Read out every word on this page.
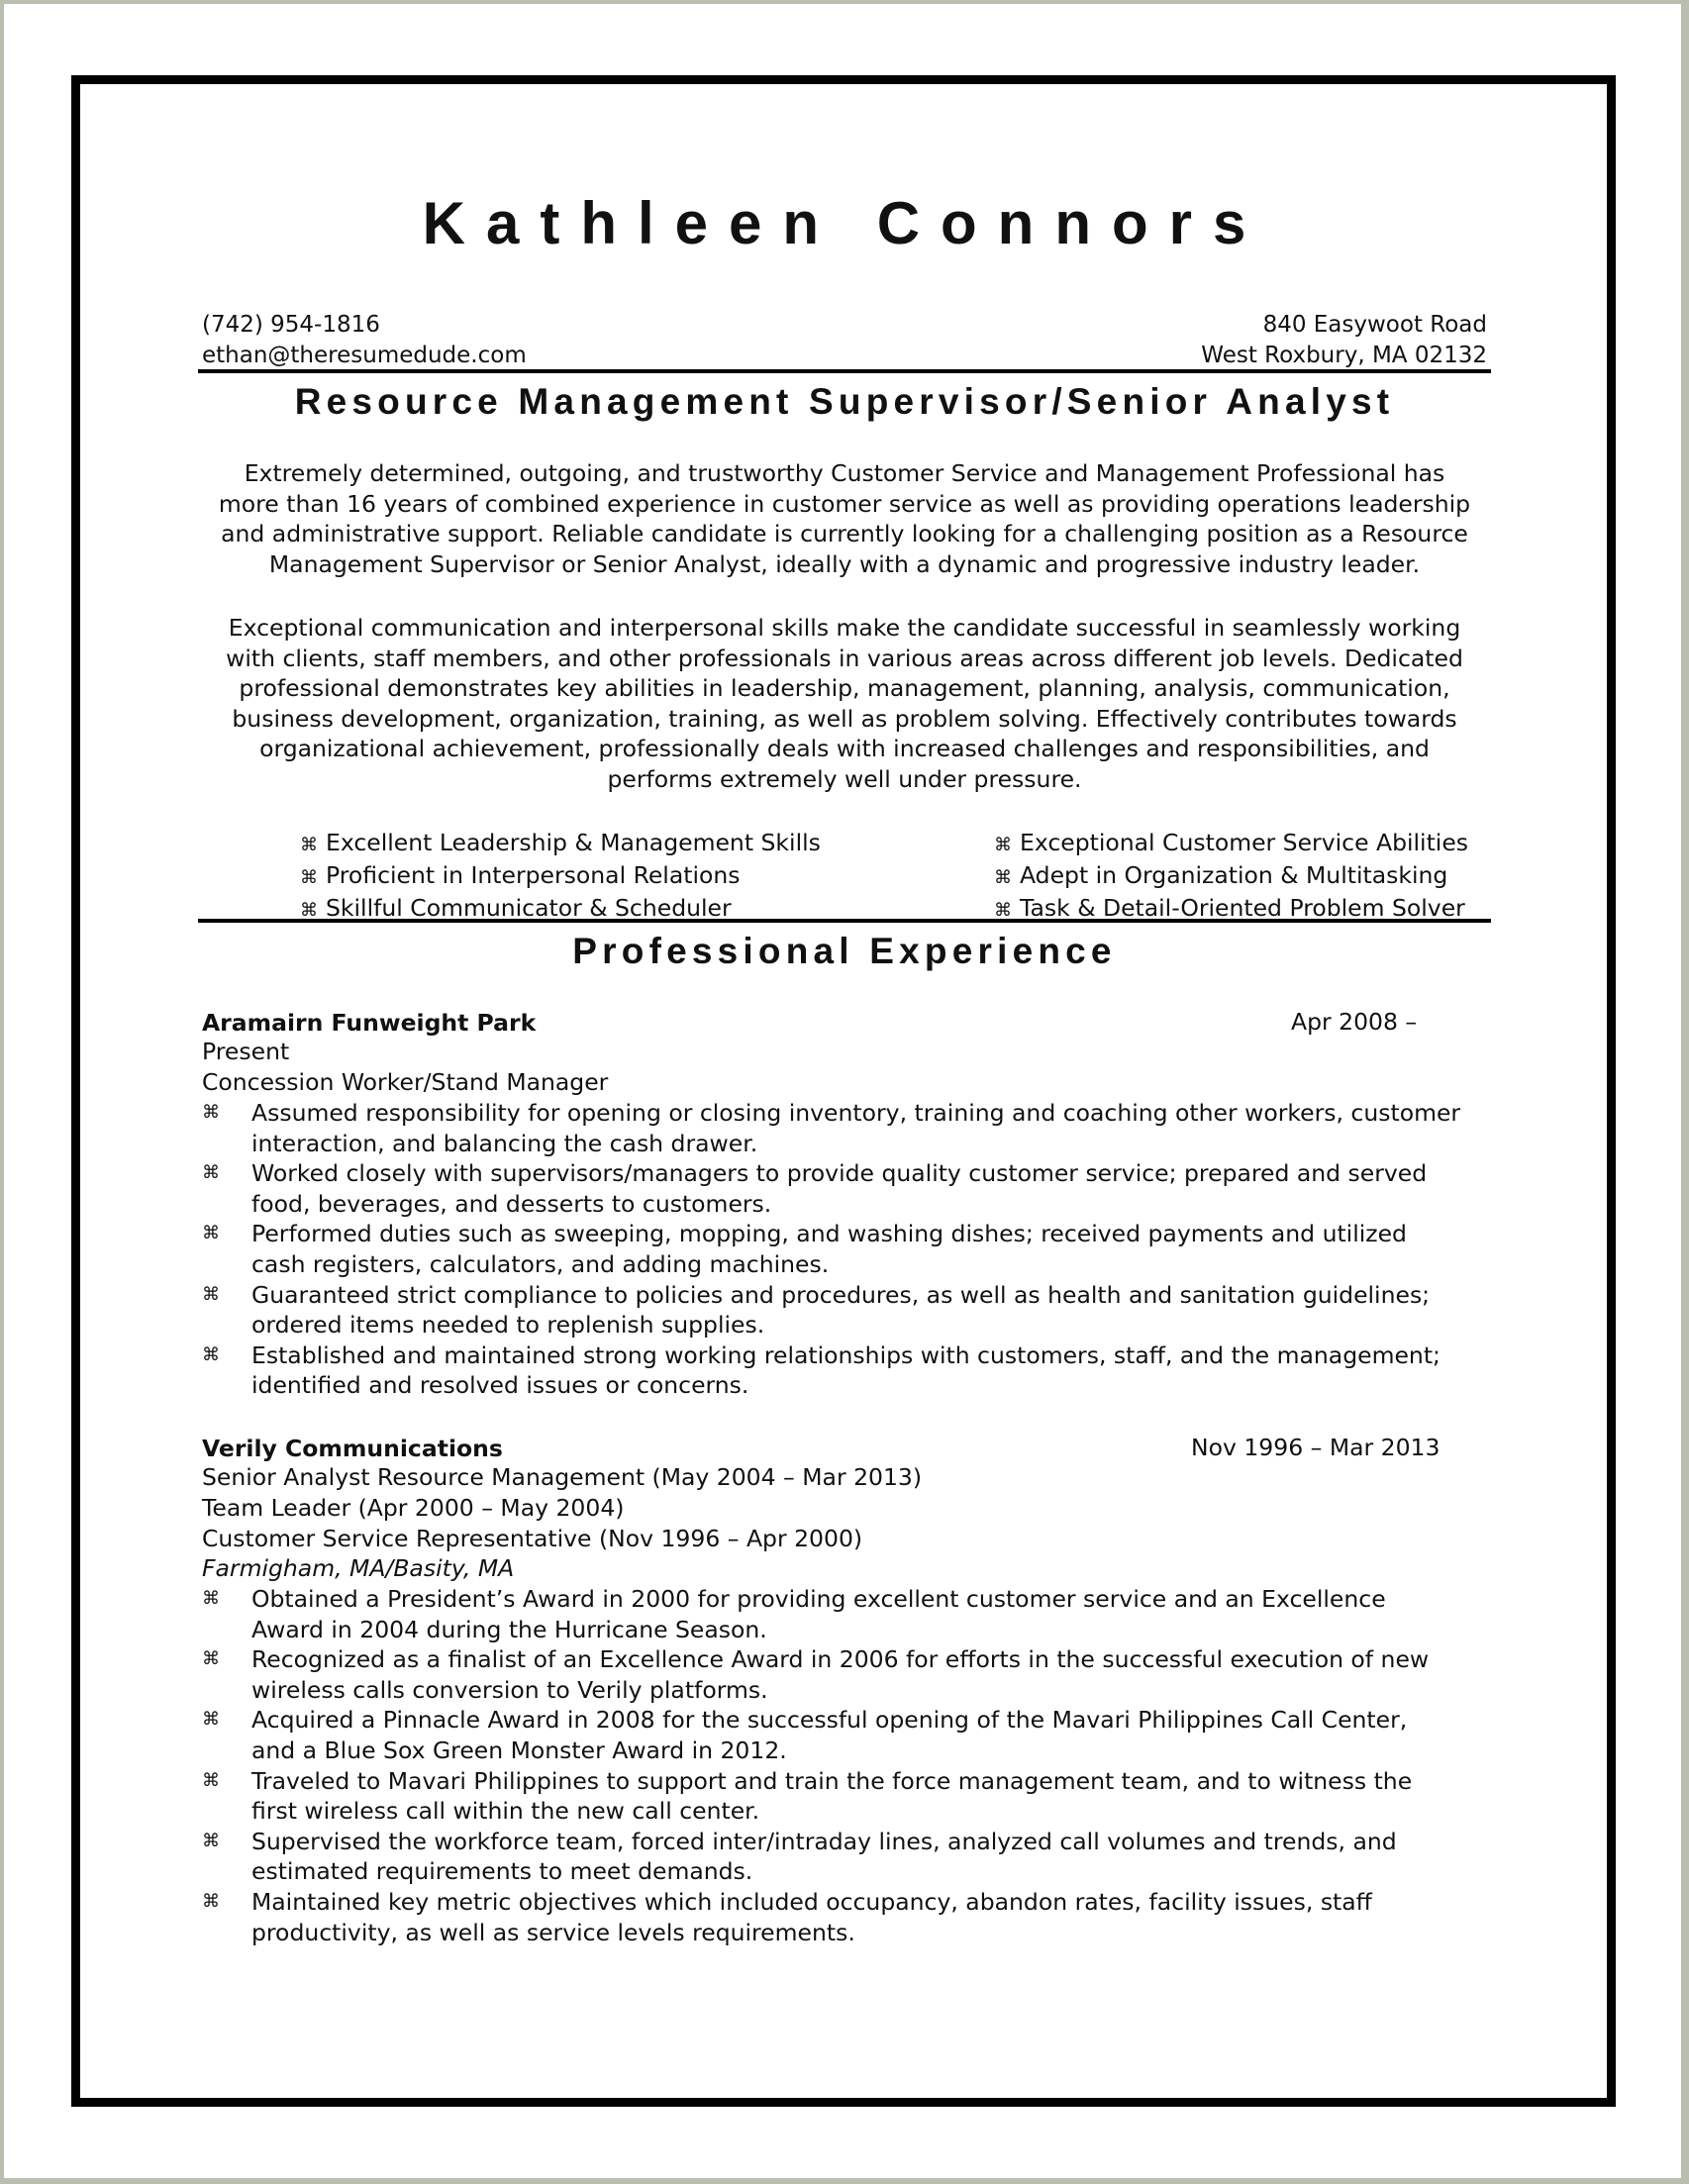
Kathleen Connors
(742) 954-1816
ethan@theresumedude.com
840 Easywoot Road
West Roxbury, MA 02132
Resource Management Supervisor/Senior Analyst

Extremely determined, outgoing, and trustworthy Customer Service and Management Professional has

more than 16 years of combined experience in customer service as well as providing operations leadership

and administrative support. Reliable candidate is currently looking for a challenging position as a Resource

Management Supervisor or Senior Analyst, ideally with a dynamic and progressive industry leader.

Exceptional communication and interpersonal skills make the candidate successful in seamlessly working

with clients, staff members, and other professionals in various areas across different job levels. Dedicated

professional demonstrates key abilities in leadership, management, planning, analysis, communication,

business development, organization, training, as well as problem solving. Effectively contributes towards

organizational achievement, professionally deals with increased challenges and responsibilities, and

performs extremely well under pressure.

⌘ Excellent Leadership & Management Skills
⌘ Proficient in Interpersonal Relations
⌘ Skillful Communicator & Scheduler
⌘ Exceptional Customer Service Abilities
⌘ Adept in Organization & Multitasking
⌘ Task & Detail-Oriented Problem Solver
Professional Experience
Aramairn Funweight Park	Apr 2008 –
Present
Concession Worker/Stand Manager
⌘ Assumed responsibility for opening or closing inventory, training and coaching other workers, customer
interaction, and balancing the cash drawer.
⌘ Worked closely with supervisors/managers to provide quality customer service; prepared and served
food, beverages, and desserts to customers.
⌘ Performed duties such as sweeping, mopping, and washing dishes; received payments and utilized
cash registers, calculators, and adding machines.
⌘ Guaranteed strict compliance to policies and procedures, as well as health and sanitation guidelines;
ordered items needed to replenish supplies.
⌘ Established and maintained strong working relationships with customers, staff, and the management;
identified and resolved issues or concerns.
Verily Communications	Nov 1996 – Mar 2013
Senior Analyst Resource Management (May 2004 – Mar 2013)
Team Leader (Apr 2000 – May 2004)
Customer Service Representative (Nov 1996 – Apr 2000)
Farmigham, MA/Basity, MA
⌘ Obtained a President’s Award in 2000 for providing excellent customer service and an Excellence
Award in 2004 during the Hurricane Season.
⌘ Recognized as a finalist of an Excellence Award in 2006 for efforts in the successful execution of new
wireless calls conversion to Verily platforms.
⌘ Acquired a Pinnacle Award in 2008 for the successful opening of the Mavari Philippines Call Center,
and a Blue Sox Green Monster Award in 2012.
⌘ Traveled to Mavari Philippines to support and train the force management team, and to witness the
first wireless call within the new call center.
⌘ Supervised the workforce team, forced inter/intraday lines, analyzed call volumes and trends, and
estimated requirements to meet demands.
⌘ Maintained key metric objectives which included occupancy, abandon rates, facility issues, staff
productivity, as well as service levels requirements.
